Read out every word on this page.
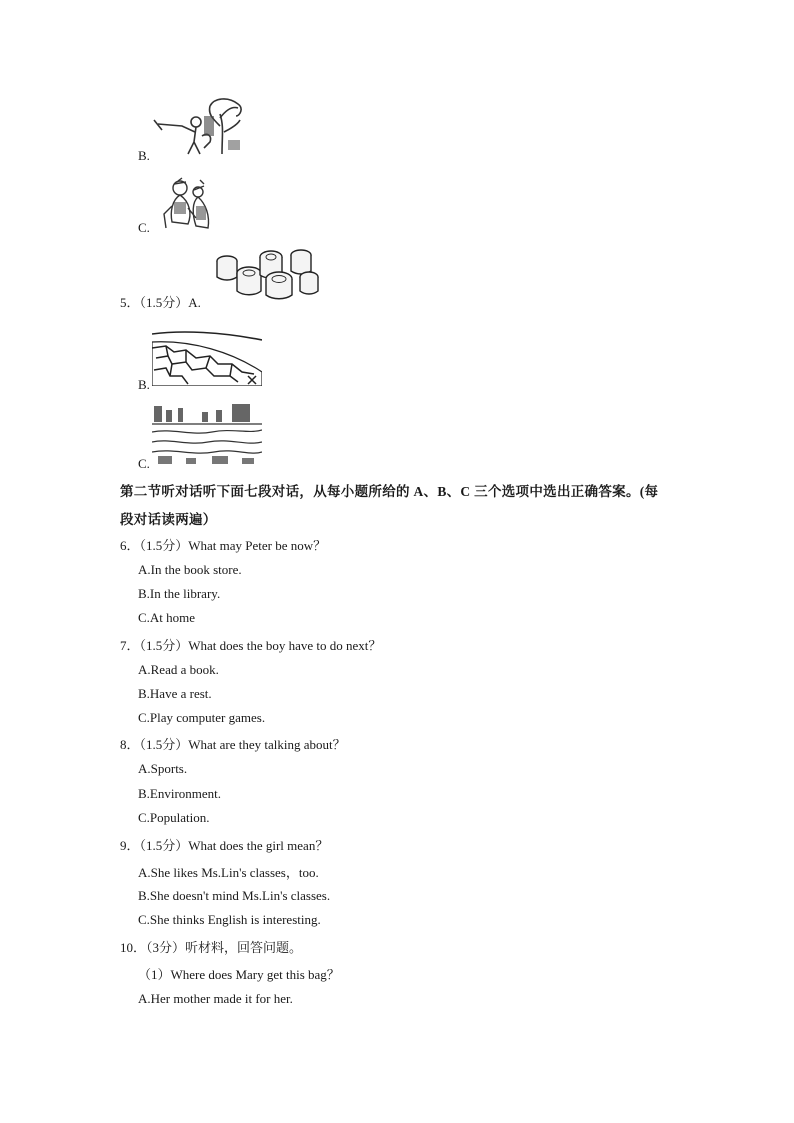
B.
C.
5．（1.5分）A.
B.
C.
第二节听对话听下面七段对话，从每小题所给的 A、B、C 三个选项中选出正确答案。(每
段对话读两遍）
6．（1.5分）What may Peter be now？
A.In the book store.
B.In the library.
C.At home
7．（1.5分）What does the boy have to do next？
A.Read a book.
B.Have a rest.
C.Play computer games.
8．（1.5分）What are they talking about？
A.Sports.
B.Environment.
C.Population.
9．（1.5分）What does the girl mean？
A.She likes Ms.Lin's classes，too.
B.She doesn't mind Ms.Lin's classes.
C.She thinks English is interesting.
10．（3分）听材料，回答问题。
（1）Where does Mary get this bag？
A.Her mother made it for her.
